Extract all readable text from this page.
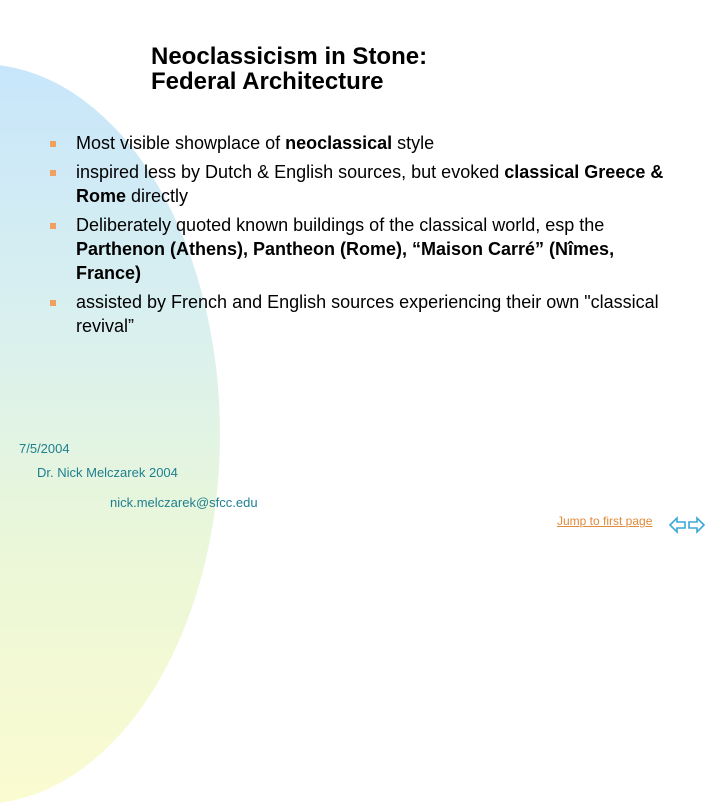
Neoclassicism in Stone:
Federal Architecture
Most visible showplace of neoclassical style
inspired less by Dutch & English sources, but evoked classical Greece & Rome directly
Deliberately quoted known buildings of the classical world, esp the Parthenon (Athens), Pantheon (Rome), “Maison Carré” (Nîmes, France)
assisted by French and English sources experiencing their own "classical revival”
7/5/2004
Dr. Nick Melczarek 2004
nick.melczarek@sfcc.edu
Jump to first page
